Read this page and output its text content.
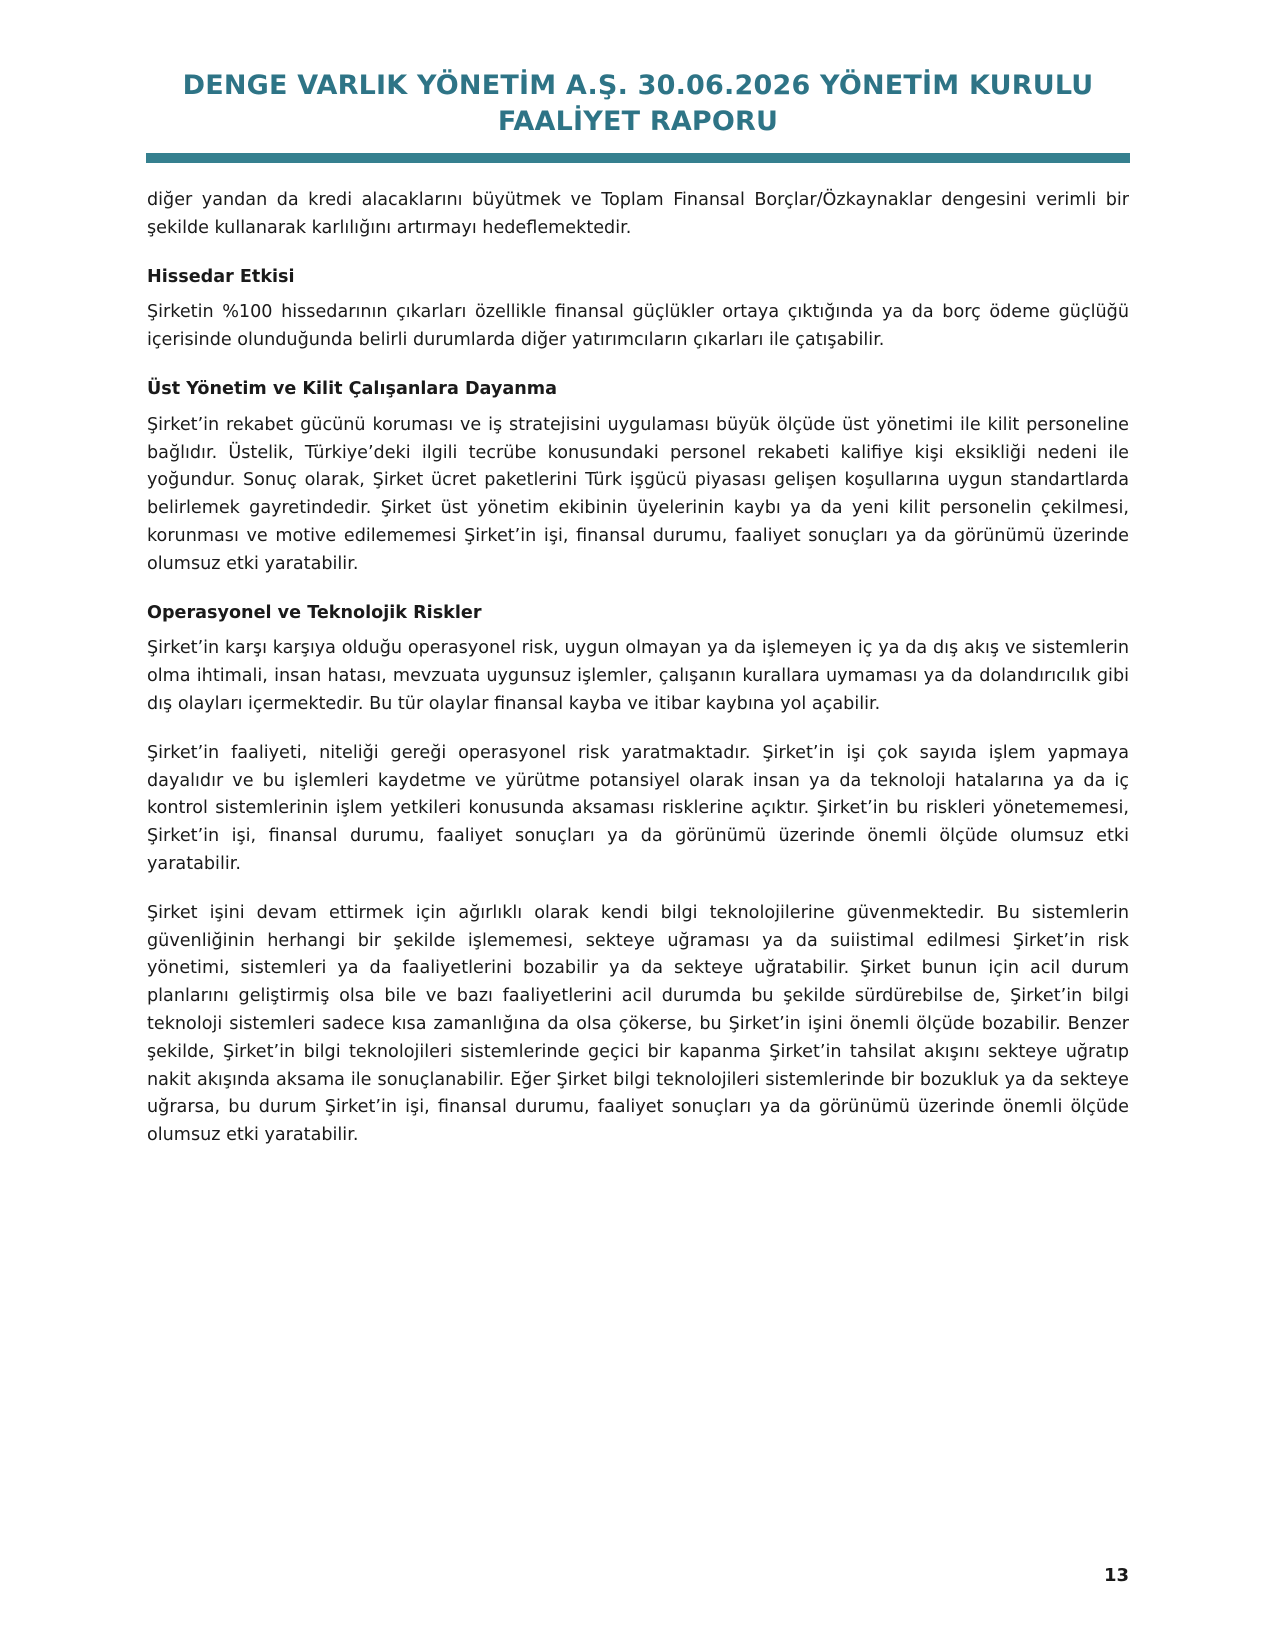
DENGE VARLIK YÖNETİM A.Ş. 30.06.2026 YÖNETİM KURULU
FAALİYET RAPORU

diğer yandan da kredi alacaklarını büyütmek ve Toplam Finansal Borçlar/Özkaynaklar dengesini verimli bir şekilde kullanarak karlılığını artırmayı hedeflemektedir.

Hissedar Etkisi

Şirketin %100 hissedarının çıkarları özellikle finansal güçlükler ortaya çıktığında ya da borç ödeme güçlüğü içerisinde olunduğunda belirli durumlarda diğer yatırımcıların çıkarları ile çatışabilir.

Üst Yönetim ve Kilit Çalışanlara Dayanma

Şirket’in rekabet gücünü koruması ve iş stratejisini uygulaması büyük ölçüde üst yönetimi ile kilit personeline bağlıdır. Üstelik, Türkiye’deki ilgili tecrübe konusundaki personel rekabeti kalifiye kişi eksikliği nedeni ile yoğundur. Sonuç olarak, Şirket ücret paketlerini Türk işgücü piyasası gelişen koşullarına uygun standartlarda belirlemek gayretindedir. Şirket üst yönetim ekibinin üyelerinin kaybı ya da yeni kilit personelin çekilmesi, korunması ve motive edilememesi Şirket’in işi, finansal durumu, faaliyet sonuçları ya da görünümü üzerinde olumsuz etki yaratabilir.

Operasyonel ve Teknolojik Riskler

Şirket’in karşı karşıya olduğu operasyonel risk, uygun olmayan ya da işlemeyen iç ya da dış akış ve sistemlerin olma ihtimali, insan hatası, mevzuata uygunsuz işlemler, çalışanın kurallara uymaması ya da dolandırıcılık gibi dış olayları içermektedir. Bu tür olaylar finansal kayba ve itibar kaybına yol açabilir.

Şirket’in faaliyeti, niteliği gereği operasyonel risk yaratmaktadır. Şirket’in işi çok sayıda işlem yapmaya dayalıdır ve bu işlemleri kaydetme ve yürütme potansiyel olarak insan ya da teknoloji hatalarına ya da iç kontrol sistemlerinin işlem yetkileri konusunda aksaması risklerine açıktır. Şirket’in bu riskleri yönetememesi, Şirket’in işi, finansal durumu, faaliyet sonuçları ya da görünümü üzerinde önemli ölçüde olumsuz etki yaratabilir.

Şirket işini devam ettirmek için ağırlıklı olarak kendi bilgi teknolojilerine güvenmektedir. Bu sistemlerin güvenliğinin herhangi bir şekilde işlememesi, sekteye uğraması ya da suiistimal edilmesi Şirket’in risk yönetimi, sistemleri ya da faaliyetlerini bozabilir ya da sekteye uğratabilir. Şirket bunun için acil durum planlarını geliştirmiş olsa bile ve bazı faaliyetlerini acil durumda bu şekilde sürdürebilse de, Şirket’in bilgi teknoloji sistemleri sadece kısa zamanlığına da olsa çökerse, bu Şirket’in işini önemli ölçüde bozabilir. Benzer şekilde, Şirket’in bilgi teknolojileri sistemlerinde geçici bir kapanma Şirket’in tahsilat akışını sekteye uğratıp nakit akışında aksama ile sonuçlanabilir. Eğer Şirket bilgi teknolojileri sistemlerinde bir bozukluk ya da sekteye uğrarsa, bu durum Şirket’in işi, finansal durumu, faaliyet sonuçları ya da görünümü üzerinde önemli ölçüde olumsuz etki yaratabilir.

13
